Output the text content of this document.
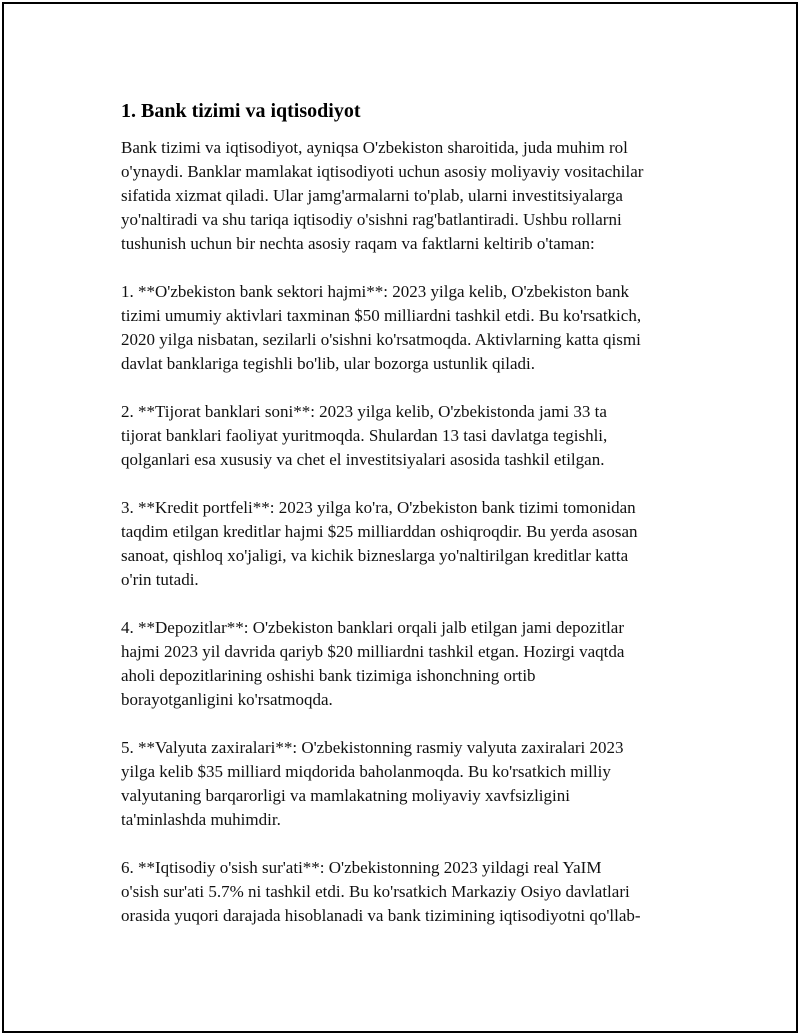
1. Bank tizimi va iqtisodiyot

Bank tizimi va iqtisodiyot, ayniqsa O'zbekiston sharoitida, juda muhim rol
o'ynaydi. Banklar mamlakat iqtisodiyoti uchun asosiy moliyaviy vositachilar
sifatida xizmat qiladi. Ular jamg'armalarni to'plab, ularni investitsiyalarga
yo'naltiradi va shu tariqa iqtisodiy o'sishni rag'batlantiradi. Ushbu rollarni
tushunish uchun bir nechta asosiy raqam va faktlarni keltirib o'taman:

1. **O'zbekiston bank sektori hajmi**: 2023 yilga kelib, O'zbekiston bank
tizimi umumiy aktivlari taxminan $50 milliardni tashkil etdi. Bu ko'rsatkich,
2020 yilga nisbatan, sezilarli o'sishni ko'rsatmoqda. Aktivlarning katta qismi
davlat banklariga tegishli bo'lib, ular bozorga ustunlik qiladi.

2. **Tijorat banklari soni**: 2023 yilga kelib, O'zbekistonda jami 33 ta
tijorat banklari faoliyat yuritmoqda. Shulardan 13 tasi davlatga tegishli,
qolganlari esa xususiy va chet el investitsiyalari asosida tashkil etilgan.

3. **Kredit portfeli**: 2023 yilga ko'ra, O'zbekiston bank tizimi tomonidan
taqdim etilgan kreditlar hajmi $25 milliarddan oshiqroqdir. Bu yerda asosan
sanoat, qishloq xo'jaligi, va kichik bizneslarga yo'naltirilgan kreditlar katta
o'rin tutadi.

4. **Depozitlar**: O'zbekiston banklari orqali jalb etilgan jami depozitlar
hajmi 2023 yil davrida qariyb $20 milliardni tashkil etgan. Hozirgi vaqtda
aholi depozitlarining oshishi bank tizimiga ishonchning ortib
borayotganligini ko'rsatmoqda.

5. **Valyuta zaxiralari**: O'zbekistonning rasmiy valyuta zaxiralari 2023
yilga kelib $35 milliard miqdorida baholanmoqda. Bu ko'rsatkich milliy
valyutaning barqarorligi va mamlakatning moliyaviy xavfsizligini
ta'minlashda muhimdir.

6. **Iqtisodiy o'sish sur'ati**: O'zbekistonning 2023 yildagi real YaIM
o'sish sur'ati 5.7% ni tashkil etdi. Bu ko'rsatkich Markaziy Osiyo davlatlari
orasida yuqori darajada hisoblanadi va bank tizimining iqtisodiyotni qo'llab-
